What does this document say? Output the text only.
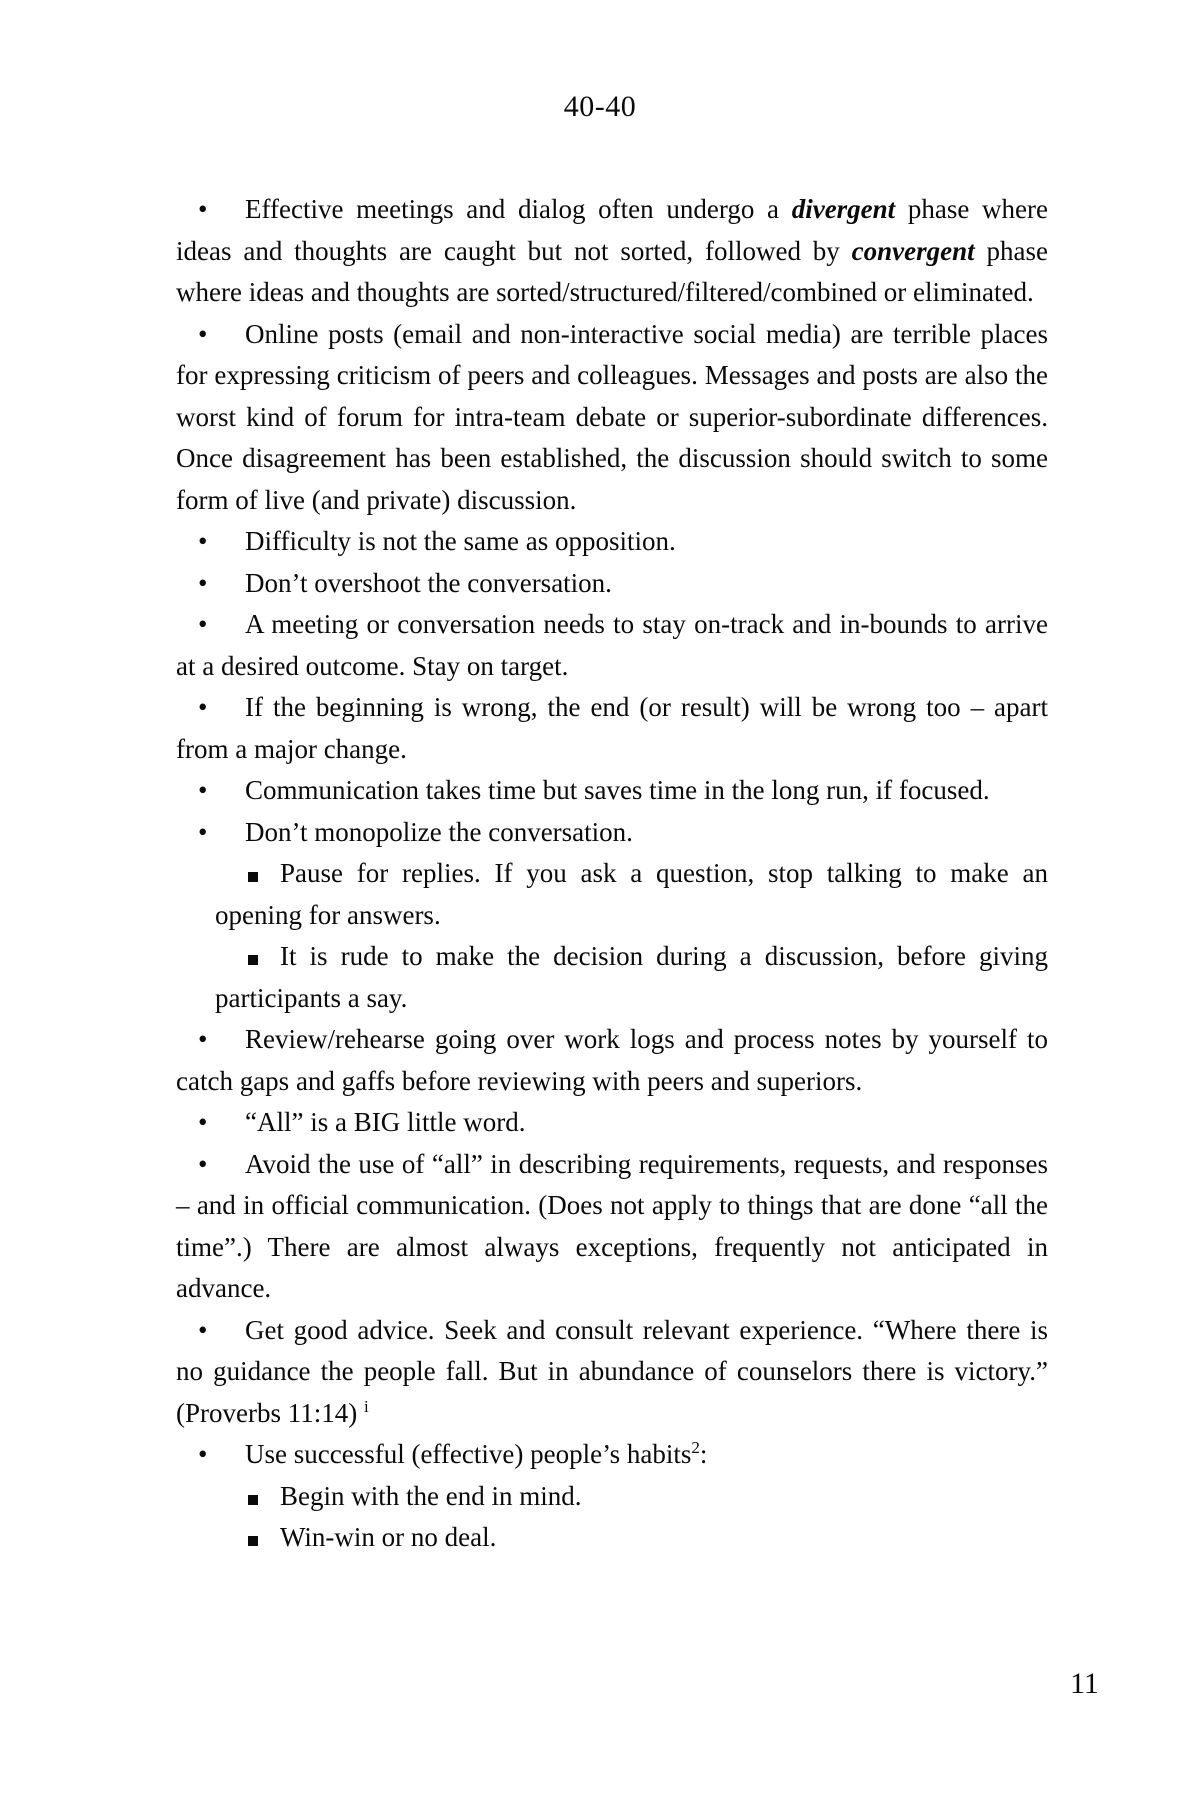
40-40

• Effective meetings and dialog often undergo a divergent phase where ideas and thoughts are caught but not sorted, followed by convergent phase where ideas and thoughts are sorted/structured/filtered/combined or eliminated.

• Online posts (email and non-interactive social media) are terrible places for expressing criticism of peers and colleagues. Messages and posts are also the worst kind of forum for intra-team debate or superior-subordinate differences. Once disagreement has been established, the discussion should switch to some form of live (and private) discussion.

• Difficulty is not the same as opposition.

• Don’t overshoot the conversation.

• A meeting or conversation needs to stay on-track and in-bounds to arrive at a desired outcome. Stay on target.

• If the beginning is wrong, the end (or result) will be wrong too – apart from a major change.

• Communication takes time but saves time in the long run, if focused.

• Don’t monopolize the conversation.

Pause for replies. If you ask a question, stop talking to make an opening for answers.

It is rude to make the decision during a discussion, before giving participants a say.

• Review/rehearse going over work logs and process notes by yourself to catch gaps and gaffs before reviewing with peers and superiors.

• “All” is a BIG little word.

• Avoid the use of “all” in describing requirements, requests, and responses – and in official communication. (Does not apply to things that are done “all the time”.) There are almost always exceptions, frequently not anticipated in advance.

• Get good advice. Seek and consult relevant experience. “Where there is no guidance the people fall. But in abundance of counselors there is victory.” (Proverbs 11:14) $^i$

• Use successful (effective) people’s habits$^2$:

Begin with the end in mind.

Win-win or no deal.

11
